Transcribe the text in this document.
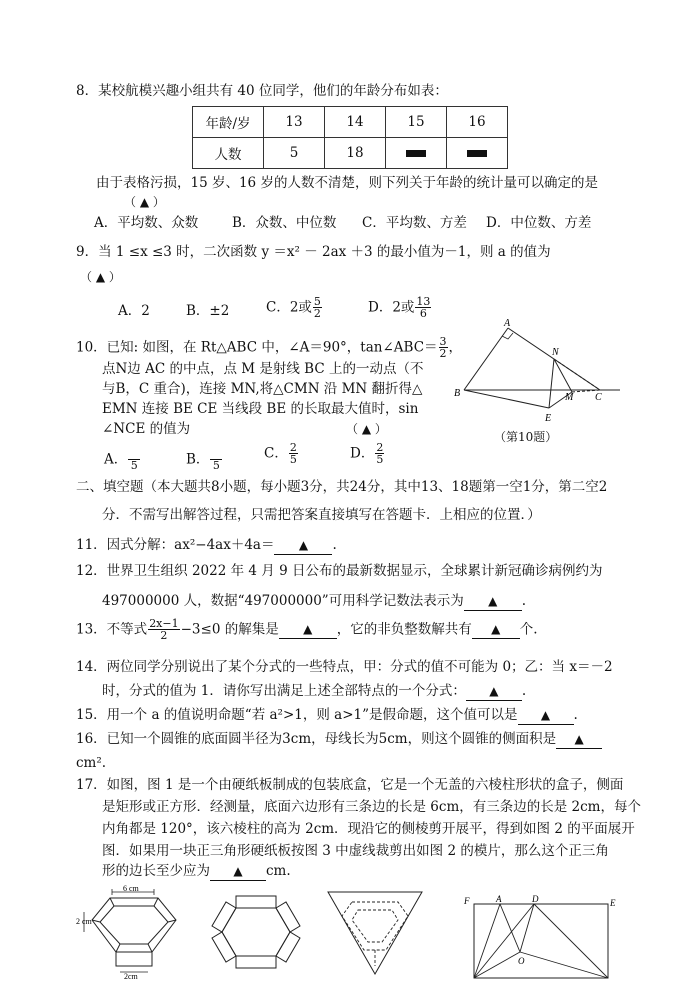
8．某校航模兴趣小组共有 40 位同学，他们的年龄分布如表：
年龄/岁	13	14	15	16
人数	5	18		
由于表格污损，15 岁、16 岁的人数不清楚，则下列关于年龄的统计量可以确定的是
（ ▲ ）
A．平均数、众数	B．众数、中位数 C．平均数、方差 D．中位数、方差
9．当 1 ≤x ≤3 时，二次函数 y ＝x² － 2ax ＋3 的最小值为－1，则 a 的值为
（ ▲ ）
A．2	B．±2	C．2或 $\frac{5}{2}$	D．2或 $\frac{13}{6}$
10．已知: 如图，在 Rt△ABC 中，∠A＝90°，tan∠ABC＝ $\frac{3}{2}$ ，
点N边 AC 的中点，点 M 是射线 BC 上的一动点（不
与B，C 重合)，连接 MN,将△CMN 沿 MN 翻折得△
EMN 连接 BE CE 当线段 BE 的长取最大值时，sin
∠NCE 的值为	（ ▲ ）
A．
5	B．
5
C． $\frac{2}{5}$	D． $\frac{2}{5}$
A
N
B	M C
E
（第10题）
二、填空题（本大题共8小题，每小题3分，共24分，其中13、18题第一空1分，第二空2
分．不需写出解答过程，只需把答案直接填写在答题卡．上相应的位置．）
11．因式分解：ax²−4ax＋4a＝ ▲ .
12．世界卫生组织 2022 年 4 月 9 日公布的最新数据显示，全球累计新冠确诊病例约为
497000000 人，数据“497000000”可用科学记数法表示为 ▲ .
13．不等式 $\frac{2x-1}{2} -3\le 0$ 的解集是 ▲ ，它的非负整数解共有 ▲ 个.
14．两位同学分别说出了某个分式的一些特点，甲：分式的值不可能为 0；乙：当 x＝－2
时，分式的值为 1．请你写出满足上述全部特点的一个分式： ▲ .
15．用一个 a 的值说明命题“若 a²>1，则 a>1”是假命题，这个值可以是 ▲ .
16．已知一个圆锥的底面圆半径为3cm，母线长为5cm，则这个圆锥的侧面积是 ▲
cm².
17．如图，图 1 是一个由硬纸板制成的包装底盒，它是一个无盖的六棱柱形状的盒子，侧面
是矩形或正方形．经测量，底面六边形有三条边的长是 6cm，有三条边的长是 2cm，每个
内角都是 120°，该六棱柱的高为 2cm．现沿它的侧棱剪开展平，得到如图 2 的平面展开
图．如果用一块正三角形硬纸板按图 3 中虚线裁剪出如图 2 的模片，那么这个正三角
形的边长至少应为 ▲ cm.
6 cm
2 cm
2cm
F	A	D	E
O
